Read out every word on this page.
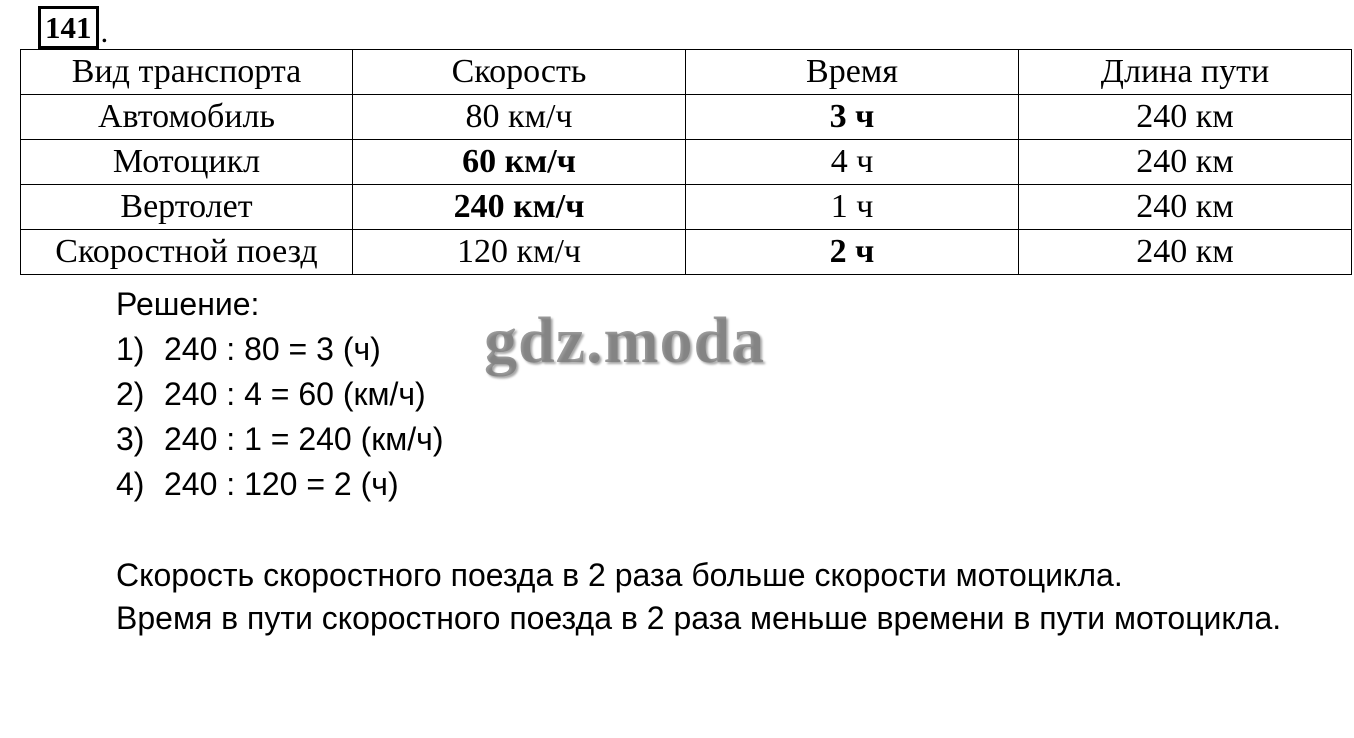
141 .
Вид транспорта	Скорость	Время	Длина пути
Автомобиль	80 км/ч	3 ч	240 км
Мотоцикл	60 км/ч	4 ч	240 км
Вертолет	240 км/ч	1 ч	240 км
Скоростной поезд	120 км/ч	2 ч	240 км
Решение:
1) 240 : 80 = 3 (ч)
2) 240 : 4 = 60 (км/ч)
3) 240 : 1 = 240 (км/ч)
4) 240 : 120 = 2 (ч)

Скорость скоростного поезда в 2 раза больше скорости мотоцикла.

Время в пути скоростного поезда в 2 раза меньше времени в пути мотоцикла.

gdz.moda
